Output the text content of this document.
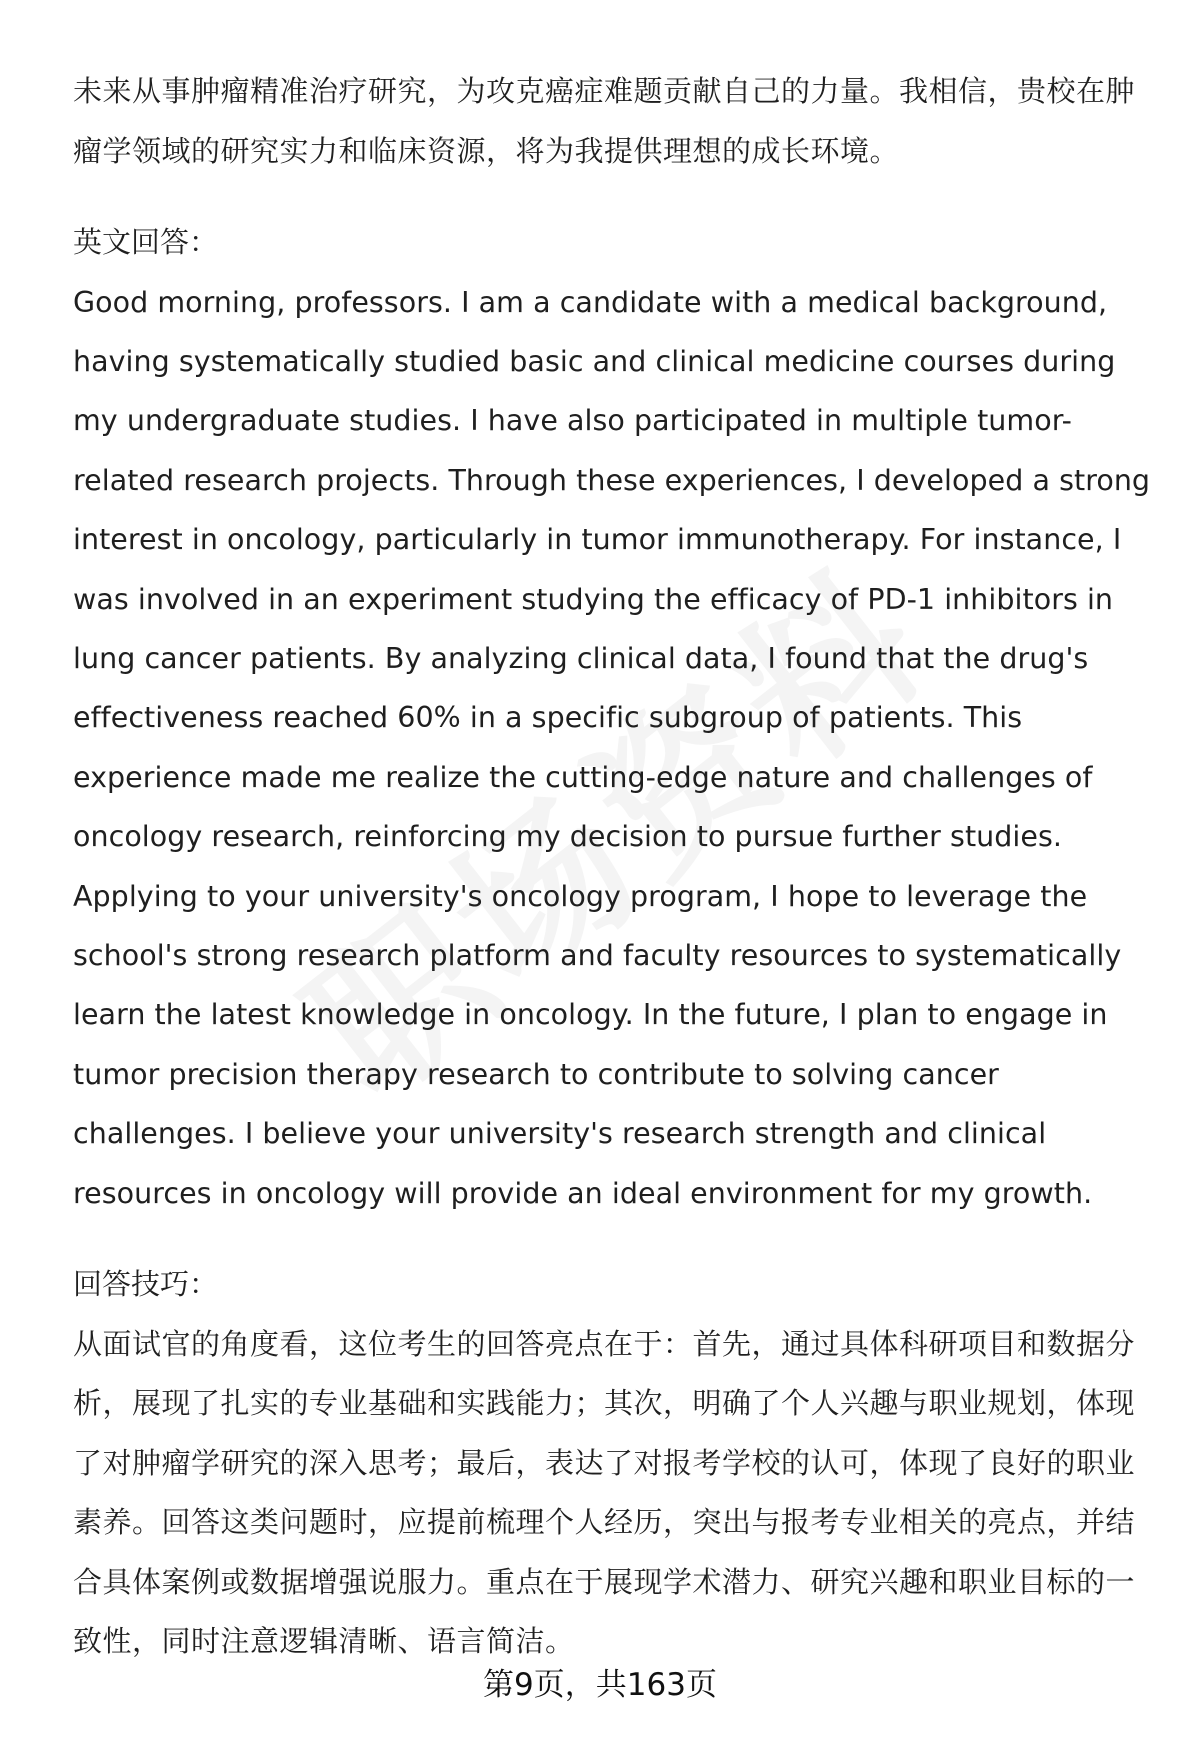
未来从事肿瘤精准治疗研究，为攻克癌症难题贡献自己的力量。我相信，贵校在肿瘤学领域的研究实力和临床资源，将为我提供理想的成长环境。

英文回答：

Good morning, professors. I am a candidate with a medical background, having systematically studied basic and clinical medicine courses during my undergraduate studies. I have also participated in multiple tumor-related research projects. Through these experiences, I developed a strong interest in oncology, particularly in tumor immunotherapy. For instance, I was involved in an experiment studying the efficacy of PD-1 inhibitors in lung cancer patients. By analyzing clinical data, I found that the drug's effectiveness reached 60% in a specific subgroup of patients. This experience made me realize the cutting-edge nature and challenges of oncology research, reinforcing my decision to pursue further studies. Applying to your university's oncology program, I hope to leverage the school's strong research platform and faculty resources to systematically learn the latest knowledge in oncology. In the future, I plan to engage in tumor precision therapy research to contribute to solving cancer challenges. I believe your university's research strength and clinical resources in oncology will provide an ideal environment for my growth.

回答技巧：

从面试官的角度看，这位考生的回答亮点在于：首先，通过具体科研项目和数据分析，展现了扎实的专业基础和实践能力；其次，明确了个人兴趣与职业规划，体现了对肿瘤学研究的深入思考；最后，表达了对报考学校的认可，体现了良好的职业素养。回答这类问题时，应提前梳理个人经历，突出与报考专业相关的亮点，并结合具体案例或数据增强说服力。重点在于展现学术潜力、研究兴趣和职业目标的一致性，同时注意逻辑清晰、语言简洁。

第9页，共163页
